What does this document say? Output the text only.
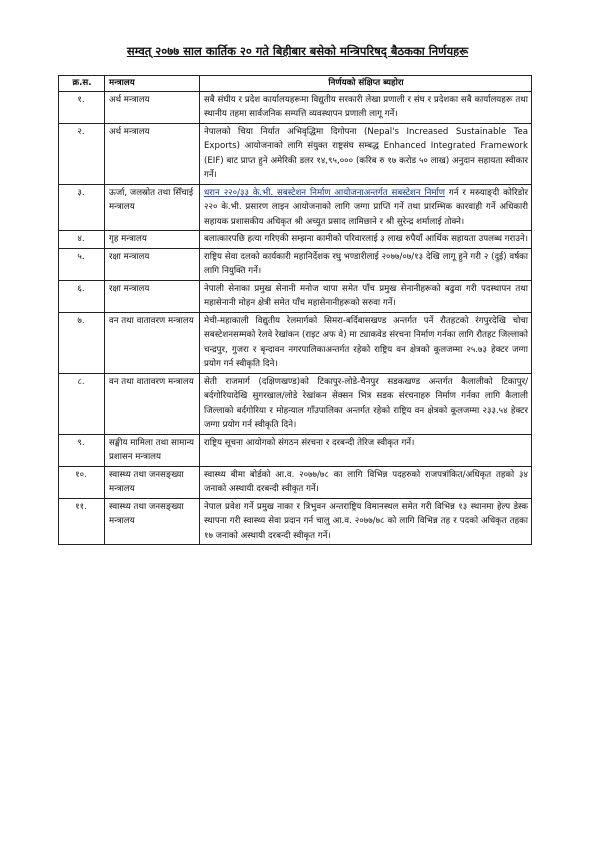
सम्वत् २०७७ साल कार्तिक २० गते बिहीबार बसेको मन्त्रिपरिषद् बैठकका निर्णयहरू
क्र.स.	मन्त्रालय	निर्णयको संक्षिप्त ब्यहोरा
१.	अर्थ मन्त्रालय	सबै संघीय र प्रदेश कार्यालयहरूमा विद्युतीय सरकारी लेखा प्रणाली र संघ र प्रदेशका सबै कार्यालयहरू तथा स्थानीय तहमा सार्वजनिक सम्पत्ति व्यवस्थापन प्रणाली लागू गर्ने।
२.	अर्थ मन्त्रालय	नेपालको चिया निर्यात अभिवृद्धिमा दिगोपना (Nepal's Increased Sustainable Tea Exports) आयोजनाको लागि संयुक्त राष्ट्रसंघ सम्बद्ध Enhanced Integrated Framework (EIF) बाट प्राप्त हुने अमेरिकी डलर १४,९५,००० (करिब रु १७ करोड ५० लाख) अनुदान सहायता स्वीकार गर्ने।
३.	ऊर्जा, जलस्रोत तथा सिँचाई मन्त्रालय	धरान २२०/३३ के.भी. सबस्टेशन निर्माण आयोजनाअन्तर्गत सबस्टेशन निर्माण गर्न र मस्र्याङ्दी कोरिडोर २२० के.भी. प्रसारण लाइन आयोजनाको लागि जग्गा प्राप्ति गर्ने तथा प्रारम्भिक कारवाही गर्ने अधिकारी सहायक प्रशासकीय अधिकृत श्री अच्युत प्रसाद लामिछाने र श्री सुरेन्द्र शर्मालाई तोक्ने।
४.	गृह मन्त्रालय	बलात्कारपछि हत्या गरिएकी सम्झना कामीको परिवारलाई ३ लाख रुपैयाँ आर्थिक सहायता उपलब्ध गराउने।
५.	रक्षा मन्त्रालय	राष्ट्रिय सेवा दलको कार्यकारी महानिर्देशक रघु भण्डारीलाई २०७७/०७/१३ देखि लागू हुने गरी २ (दुई) वर्षका लागि नियुक्ति गर्ने।
६.	रक्षा मन्त्रालय	नेपाली सेनाका प्रमुख सेनानी मनोज थापा समेत पाँच प्रमुख सेनानीहरूको बढुवा गरी पदस्थापन तथा महासेनानी मोहन क्षेत्री समेत पाँच महासेनानीहरूको सरुवा गर्ने।
७.	वन तथा वातावरण मन्त्रालय	मेची-महाकाली विद्युतीय रेलमार्गको सिमरा-बर्दिबासखण्ड अन्तर्गत पर्ने रौतहटको रंगपुरदेखि चोचा सबस्टेशनसम्मको रेलवे रेखांकन (राइट अफ वे) मा ट्याकवेड संरचना निर्माण गर्नका लागि रौतहट जिल्लाको चन्द्रपुर, गुजरा र बृन्दावन नगरपालिकाअन्तर्गत रहेको राष्ट्रिय वन क्षेत्रको कूलजम्मा २५.७३ हेक्टर जग्गा प्रयोग गर्न स्वीकृति दिने।
८.	वन तथा वातावरण मन्त्रालय	सेती राजमार्ग (दक्षिणखण्ड)को टिकापुर-लोडे-चैनपुर सडकखण्ड अन्तर्गत कैलालीको टिकापुर/बर्दगोरियादेखि सुगरखाल/लोडे रेखांकन सेक्सन भित्र सडक संरचनाहरु निर्माण गर्नका लागि कैलाली जिल्लाको बर्दगोरिया र मोहन्याल गाँउपालिका अन्तर्गत रहेको राष्ट्रिय वन क्षेत्रको कूलजम्मा २३३.५४ हेक्टर जग्गा प्रयोग गर्न स्वीकृति दिने।
९.	सङ्घीय मामिला तथा सामान्य प्रशासन मन्त्रालय	राष्ट्रिय सूचना आयोगको संगठन संरचना र दरबन्दी तेरिज स्वीकृत गर्ने।
१०.	स्वास्थ्य तथा जनसङ्ख्या मन्त्रालय	स्वास्थ्य बीमा बोर्डको आ.व. २०७७/७८ का लागि विभिन्न पदहरुको राजपत्रांकित/अधिकृत तहको ३४ जनाको अस्थायी दरबन्दी स्वीकृत गर्ने।
११.	स्वास्थ्य तथा जनसङ्ख्या मन्त्रालय	नेपाल प्रवेश गर्ने प्रमुख नाका र त्रिभुवन अन्तराष्ट्रिय विमानस्थल समेत गरी विभिन्न १३ स्थानमा हेल्प डेस्क स्थापना गरी स्वास्थ्य सेवा प्रदान गर्न चालु आ.व. २०७७/७८ को लागि विभिन्न तह र पदको अधिकृत तहका १७ जनाको अस्थायी दरबन्दी स्वीकृत गर्ने।
